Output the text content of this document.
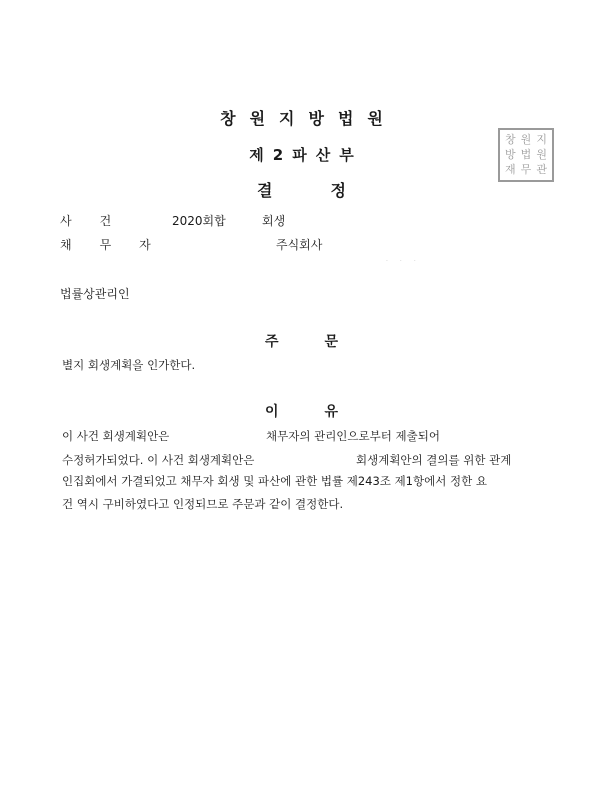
창원지방법원
창 원 지
방 법 원
재 무 관
제2파산부
결정
사건	2020회합	회생
채무자	주식회사
...
법률상관리인
주문
별지 회생계획을 인가한다.
이유
이 사건 회생계획안은	채무자의 관리인으로부터 제출되어
수정허가되었다. 이 사건 회생계획안은	회생계획안의 결의를 위한 관계
인집회에서 가결되었고 채무자 회생 및 파산에 관한 법률 제243조 제1항에서 정한 요
건 역시 구비하였다고 인정되므로 주문과 같이 결정한다.
